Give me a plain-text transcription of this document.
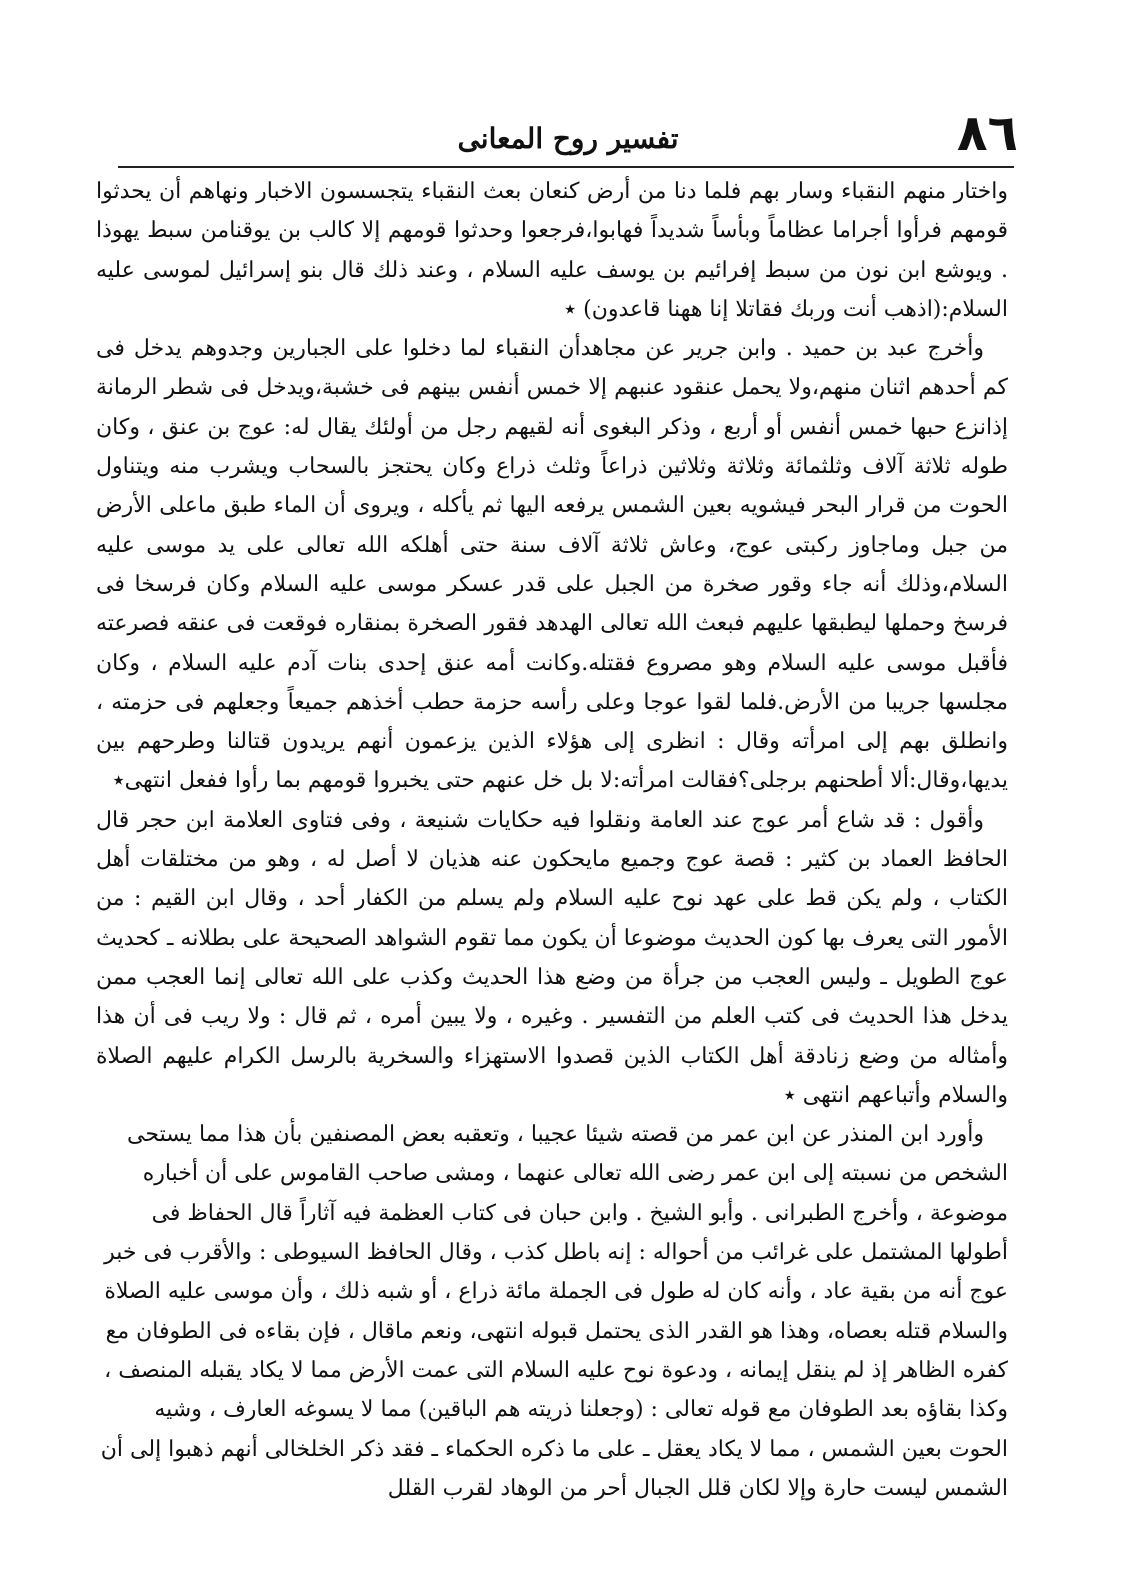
٨٦
تفسير روح المعانى

واختار منهم النقباء وسار بهم فلما دنا من أرض كنعان بعث النقباء يتجسسون الاخبار ونهاهم أن يحدثوا قومهم فرأوا أجراما عظاماً وبأساً شديداً فهابوا،فرجعوا وحدثوا قومهم إلا كالب بن يوقنامن سبط يهوذا . ويوشع ابن نون من سبط إفرائيم بن يوسف عليه السلام ، وعند ذلك قال بنو إسرائيل لموسى عليه السلام:(اذهب أنت وربك فقاتلا إنا ههنا قاعدون) ٭

وأخرج عبد بن حميد . وابن جرير عن مجاهدأن النقباء لما دخلوا على الجبارين وجدوهم يدخل فى كم أحدهم اثنان منهم،ولا يحمل عنقود عنبهم إلا خمس أنفس بينهم فى خشبة،ويدخل فى شطر الرمانة إذانزع حبها خمس أنفس أو أربع ، وذكر البغوى أنه لقيهم رجل من أولئك يقال له: عوج بن عنق ، وكان طوله ثلاثة آلاف وثلثمائة وثلاثة وثلاثين ذراعاً وثلث ذراع وكان يحتجز بالسحاب ويشرب منه ويتناول الحوت من قرار البحر فيشويه بعين الشمس يرفعه اليها ثم يأكله ، ويروى أن الماء طبق ماعلى الأرض من جبل وماجاوز ركبتى عوج، وعاش ثلاثة آلاف سنة حتى أهلكه الله تعالى على يد موسى عليه السلام،وذلك أنه جاء وقور صخرة من الجبل على قدر عسكر موسى عليه السلام وكان فرسخا فى فرسخ وحملها ليطبقها عليهم فبعث الله تعالى الهدهد فقور الصخرة بمنقاره فوقعت فى عنقه فصرعته فأقبل موسى عليه السلام وهو مصروع فقتله.وكانت أمه عنق إحدى بنات آدم عليه السلام ، وكان مجلسها جريبا من الأرض.فلما لقوا عوجا وعلى رأسه حزمة حطب أخذهم جميعاً وجعلهم فى حزمته ، وانطلق بهم إلى امرأته وقال : انظرى إلى هؤلاء الذين يزعمون أنهم يريدون قتالنا وطرحهم بين يديها،وقال:ألا أطحنهم برجلى؟فقالت امرأته:لا بل خل عنهم حتى يخبروا قومهم بما رأوا ففعل انتهى٭

وأقول : قد شاع أمر عوج عند العامة ونقلوا فيه حكايات شنيعة ، وفى فتاوى العلامة ابن حجر قال الحافظ العماد بن كثير : قصة عوج وجميع مايحكون عنه هذيان لا أصل له ، وهو من مختلقات أهل الكتاب ، ولم يكن قط على عهد نوح عليه السلام ولم يسلم من الكفار أحد ، وقال ابن القيم : من الأمور التى يعرف بها كون الحديث موضوعا أن يكون مما تقوم الشواهد الصحيحة على بطلانه ـ كحديث عوج الطويل ـ وليس العجب من جرأة من وضع هذا الحديث وكذب على الله تعالى إنما العجب ممن يدخل هذا الحديث فى كتب العلم من التفسير . وغيره ، ولا يبين أمره ، ثم قال : ولا ريب فى أن هذا وأمثاله من وضع زنادقة أهل الكتاب الذين قصدوا الاستهزاء والسخرية بالرسل الكرام عليهم الصلاة والسلام وأتباعهم انتهى ٭

وأورد ابن المنذر عن ابن عمر من قصته شيئا عجيبا ، وتعقبه بعض المصنفين بأن هذا مما يستحى الشخص من نسبته إلى ابن عمر رضى الله تعالى عنهما ، ومشى صاحب القاموس على أن أخباره موضوعة ، وأخرج الطبرانى . وأبو الشيخ . وابن حبان فى كتاب العظمة فيه آثاراً قال الحفاظ فى أطولها المشتمل على غرائب من أحواله : إنه باطل كذب ، وقال الحافظ السيوطى : والأقرب فى خبر عوج أنه من بقية عاد ، وأنه كان له طول فى الجملة مائة ذراع ، أو شبه ذلك ، وأن موسى عليه الصلاة والسلام قتله بعصاه، وهذا هو القدر الذى يحتمل قبوله انتهى، ونعم ماقال ، فإن بقاءه فى الطوفان مع كفره الظاهر إذ لم ينقل إيمانه ، ودعوة نوح عليه السلام التى عمت الأرض مما لا يكاد يقبله المنصف ، وكذا بقاؤه بعد الطوفان مع قوله تعالى : (وجعلنا ذريته هم الباقين) مما لا يسوغه العارف ، وشيه الحوت بعين الشمس ، مما لا يكاد يعقل ـ على ما ذكره الحكماء ـ فقد ذكر الخلخالى أنهم ذهبوا إلى أن الشمس ليست حارة وإلا لكان قلل الجبال أحر من الوهاد لقرب القلل
